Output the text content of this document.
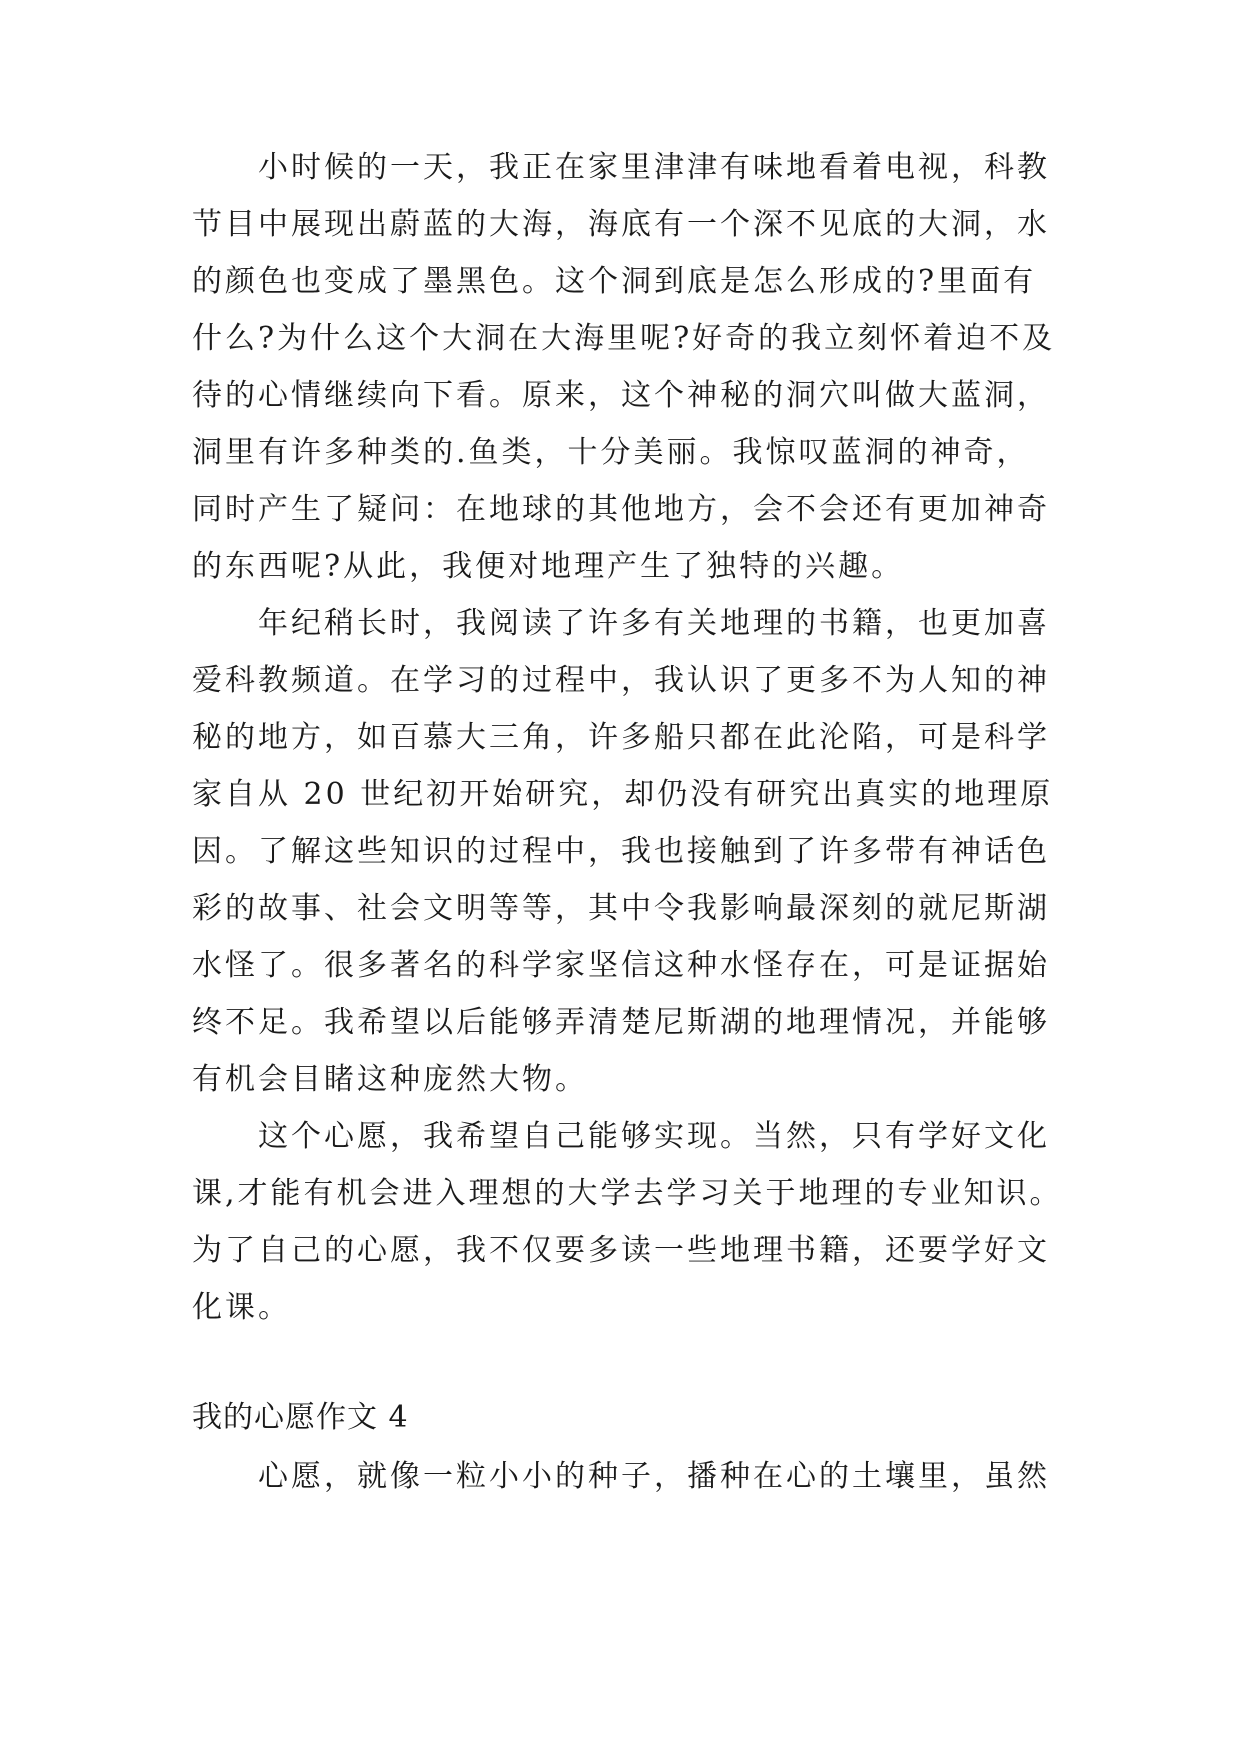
小时候的一天，我正在家里津津有味地看着电视，科教
节目中展现出蔚蓝的大海，海底有一个深不见底的大洞，水
的颜色也变成了墨黑色。这个洞到底是怎么形成的?里面有
什么?为什么这个大洞在大海里呢?好奇的我立刻怀着迫不及
待的心情继续向下看。原来，这个神秘的洞穴叫做大蓝洞，
洞里有许多种类的.鱼类，十分美丽。我惊叹蓝洞的神奇，
同时产生了疑问：在地球的其他地方，会不会还有更加神奇
的东西呢?从此，我便对地理产生了独特的兴趣。
年纪稍长时，我阅读了许多有关地理的书籍，也更加喜
爱科教频道。在学习的过程中，我认识了更多不为人知的神
秘的地方，如百慕大三角，许多船只都在此沦陷，可是科学
家自从 20 世纪初开始研究，却仍没有研究出真实的地理原
因。了解这些知识的过程中，我也接触到了许多带有神话色
彩的故事、社会文明等等，其中令我影响最深刻的就尼斯湖
水怪了。很多著名的科学家坚信这种水怪存在，可是证据始
终不足。我希望以后能够弄清楚尼斯湖的地理情况，并能够
有机会目睹这种庞然大物。
这个心愿，我希望自己能够实现。当然，只有学好文化
课,才能有机会进入理想的大学去学习关于地理的专业知识。
为了自己的心愿，我不仅要多读一些地理书籍，还要学好文
化课。
我的心愿作文 4
心愿，就像一粒小小的种子，播种在心的土壤里，虽然
